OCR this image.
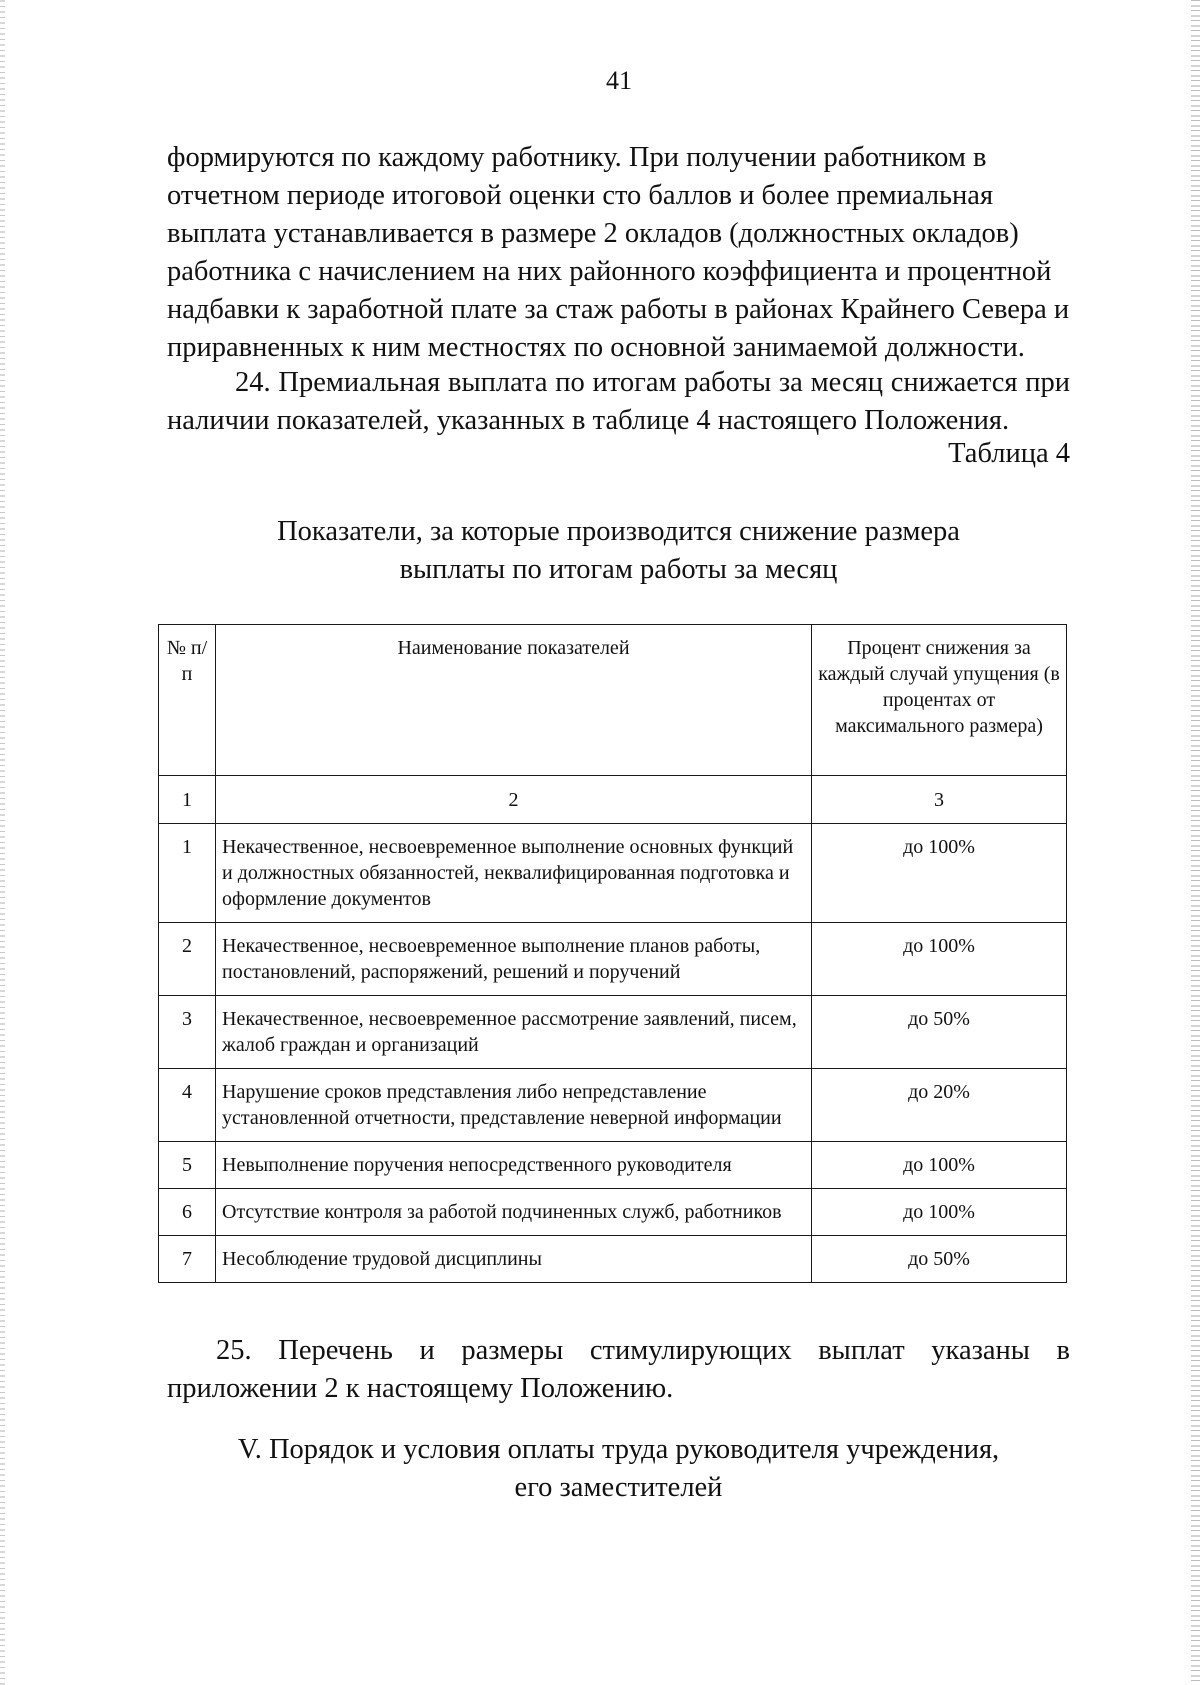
41
формируются по каждому работнику. При получении работником в
отчетном периоде итоговой оценки сто баллов и более премиальная
выплата устанавливается в размере 2 окладов (должностных окладов)
работника с начислением на них районного коэффициента и процентной
надбавки к заработной плате за стаж работы в районах Крайнего Севера и
приравненных к ним местностях по основной занимаемой должности.
24. Премиальная выплата по итогам работы за месяц снижается при наличии показателей, указанных в таблице 4 настоящего Положения.
Таблица 4
Показатели, за которые производится снижение размера
выплаты по итогам работы за месяц
№ п/п	Наименование показателей	Процент снижения за каждый случай упущения (в процентах от максимального размера)
1	2	3
1	Некачественное, несвоевременное выполнение основных функций и должностных обязанностей, неквалифицированная подготовка и оформление документов	до 100%
2	Некачественное, несвоевременное выполнение планов работы, постановлений, распоряжений, решений и поручений	до 100%
3	Некачественное, несвоевременное рассмотрение заявлений, писем, жалоб граждан и организаций	до 50%
4	Нарушение сроков представления либо непредставление установленной отчетности, представление неверной информации	до 20%
5	Невыполнение поручения непосредственного руководителя	до 100%
6	Отсутствие контроля за работой подчиненных служб, работников	до 100%
7	Несоблюдение трудовой дисциплины	до 50%
25. Перечень и размеры стимулирующих выплат указаны в
приложении 2 к настоящему Положению.
V. Порядок и условия оплаты труда руководителя учреждения,
его заместителей
